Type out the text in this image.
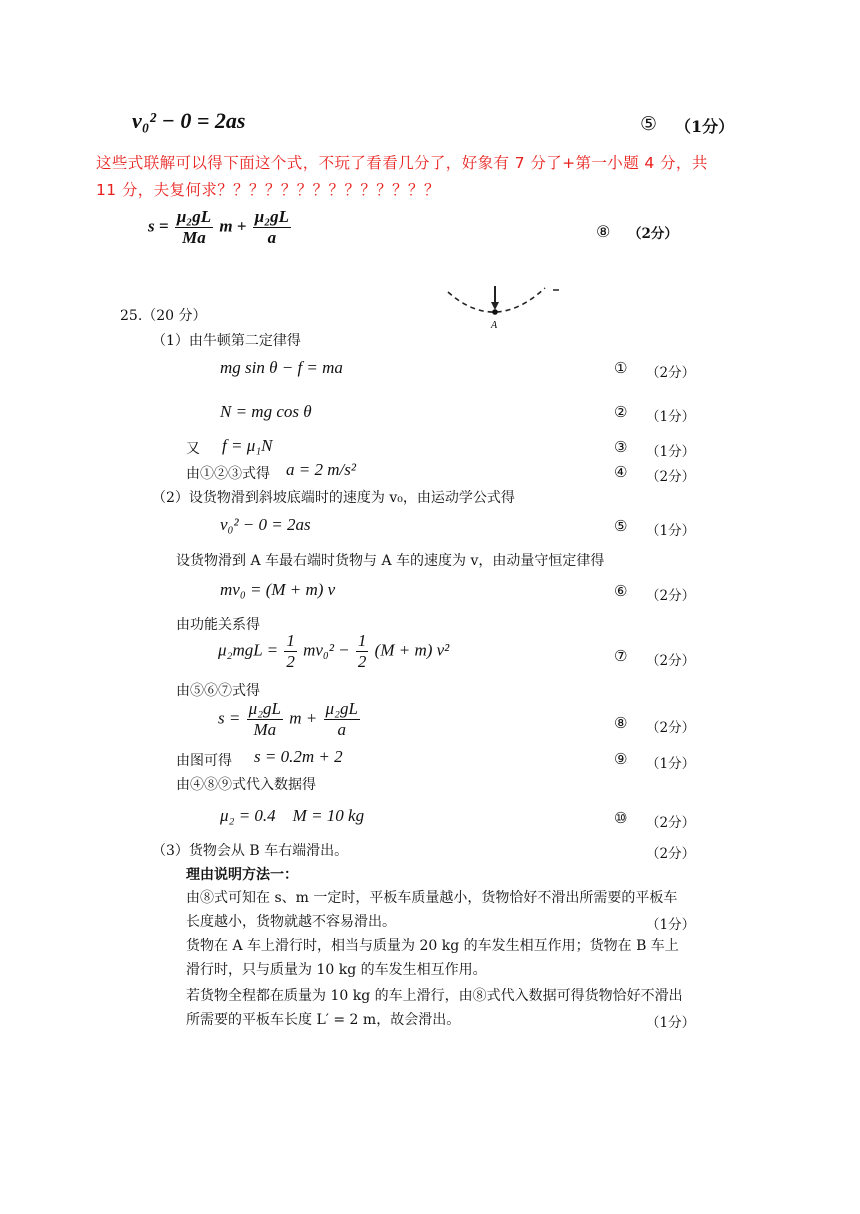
v₀² − 0 = 2as	⑤ （1分）
这些式联解可以得下面这个式，不玩了看看几分了，好象有 7 分了+第一小题 4 分，共
11 分，夫复何求？？？？？？？？？？？？？？
$s = \frac{\text{μ₂gL}}{Ma}$ $m + \frac{\text{μ₂gL}}{a}$	⑧ （2分）
A
25.（20 分）
（1）由牛顿第二定律得
mg sin θ − f = ma	① （2分）
N = mg cos θ	② （1分）
又 f = μ₁N	③ （1分）
由①②③式得 a = 2 m/s²	④ （2分）
（2）设货物滑到斜坡底端时的速度为 v₀，由运动学公式得
v₀² − 0 = 2as	⑤ （1分）
设货物滑到 A 车最右端时货物与 A 车的速度为 v，由动量守恒定律得
mv₀ = (M + m) v	⑥ （2分）
由功能关系得
$\mu_2mgL = \frac{1}{2} mv_0^2 - \frac{1}{2} (M + m)$ v²	⑦ （2分）
由⑤⑥⑦式得
$s = \frac{\text{μ₂gL}}{Ma}$ $m + \frac{\text{μ₂gL}}{a}$	⑧ （2分）
由图可得 s = 0.2m + 2	⑨ （1分）
由④⑧⑨式代入数据得
μ₂ = 0.4    M = 10 kg	⑩ （2分）
（3）货物会从 B 车右端滑出。	（2分）
理由说明方法一：
由⑧式可知在 s、m 一定时，平板车质量越小，货物恰好不滑出所需要的平板车
长度越小，货物就越不容易滑出。	（1分）
货物在 A 车上滑行时，相当与质量为 20 kg 的车发生相互作用；货物在 B 车上
滑行时，只与质量为 10 kg 的车发生相互作用。
若货物全程都在质量为 10 kg 的车上滑行，由⑧式代入数据可得货物恰好不滑出
所需要的平板车长度 L′ = 2 m，故会滑出。	（1分）
